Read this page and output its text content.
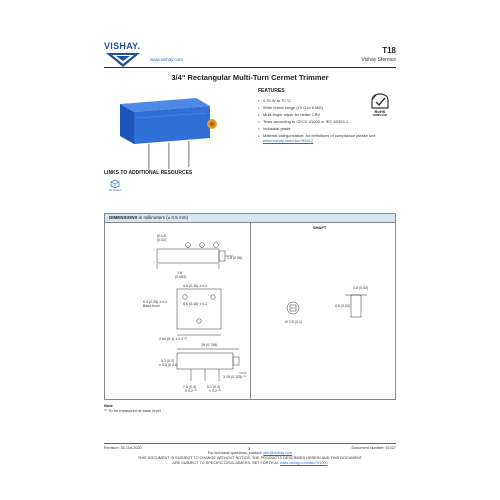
VISHAY.
www.vishay.com
T18
Vishay Sfernice
3/4" Rectangular Multi-Turn Cermet Trimmer
FEATURES
• 0.75 W at 70 °C
• Wide ohmic range (10 Ω to 5 MΩ)
• Multi-finger wiper for better CRV
• Tests according to CECC 41000 or IEC 60393-1
• Industrial grade
• Material categorization: for definitions of compliance please see www.vishay.com/doc?99912
RoHS
COMPLIANT
LINKS TO ADDITIONAL RESOURCES
3D Models
DIMENSIONS in millimeters (± 0.5 mm)
SHAFT
Ø 0.5
(0.02)
1.6
(0.063)
1.6 (0.06)
4.6 (0.18) ± 0.2
4.6 (0.18) ± 0.2
6.4 (0.25) ± 0.2
Base level
2.54 (0.1) ± 0.2 ⁽¹⁾
19 (0.748)
5.3 (0.2)
± 0.3 (0.01)
3.15 (0.125) ⁽¹⁾
7.6 (0.3)
± 0.2 ⁽¹⁾
5.1 (0.2)
± 0.2 ⁽¹⁾
0.8 (0.02)
0.6 (0.02)
Ø 2.5 (0.1)
Note
⁽¹⁾ To be measured at base level
Revision: 31-Oct-2020	1	Document Number: 51027
For technical questions, contact: sfer@vishay.com
THIS DOCUMENT IS SUBJECT TO CHANGE WITHOUT NOTICE. THE PRODUCTS DESCRIBED HEREIN AND THIS DOCUMENT
ARE SUBJECT TO SPECIFIC DISCLAIMERS, SET FORTH AT www.vishay.com/doc?91000
